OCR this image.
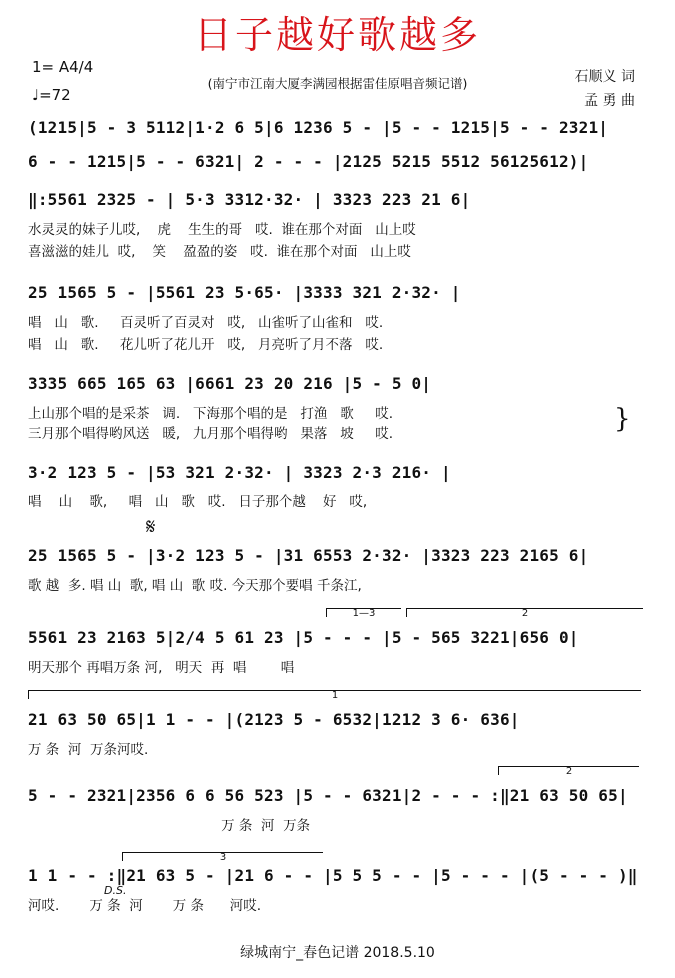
日子越好歌越多
1= A4/4
♩=72
(南宁市江南大厦李满园根据雷佳原唱音频记谱)	石顺义 词
孟 勇 曲
(1215|5 - 3 5112|1·2 6 5|6 1236 5 - |5 - - 1215|5 - - 2321|
6 - - 1215|5 - - 6321| 2 - - - |2125 5215 5512 56125612)|
‖:5561 2325 - | 5·3 3312·32· | 3323 223 21 6|
水灵灵的妹子儿哎,    虎    生生的哥   哎.  谁在那个对面   山上哎
喜滋滋的娃儿  哎,    笑    盈盈的姿   哎.  谁在那个对面   山上哎
25 1565 5 - |5561 23 5·65· |3333 321 2·32· |
唱   山   歌.     百灵听了百灵对   哎,   山雀听了山雀和   哎.
唱   山   歌.     花儿听了花儿开   哎,   月亮听了月不落   哎.
3335 665 165 63 |6661 23 20 216 |5 - 5 0|
上山那个唱的是采茶   调.   下海那个唱的是   打渔   歌     哎.
三月那个唱得哟风送   暖,   九月那个唱得哟   果落   坡     哎.	}
3·2 123 5 - |53 321 2·32· | 3323 2·3 216· |
唱    山    歌,     唱   山   歌   哎.   日子那个越    好   哎,
𝄋
25 1565 5 - |3·2 123 5 - |31 6553 2·32· |3323 223 2165 6|
歌 越  多. 唱 山  歌, 唱 山  歌 哎. 今天那个要唱 千条江,
1—3	2
5561 23 2163 5|2/4 5 61 23 |5 - - - |5 - 565 3221|656 0|
明天那个 再唱万条 河,   明天  再  唱        唱
1
21 63 50 65|1 1 - - |(2123 5 - 6532|1212 3 6· 636|
万 条  河  万条河哎.
2
5 - - 2321|2356 6 6 56 523 |5 - - 6321|2 - - - :‖21 63 50 65|
万 条  河  万条
3
1 1 - - :‖21 63 5 - |21 6 - - |5 5 5 - - |5 - - - |(5 - - - )‖
河哎.       万 条  河       万 条      河哎.
D.S.
绿城南宁_春色记谱 2018.5.10
